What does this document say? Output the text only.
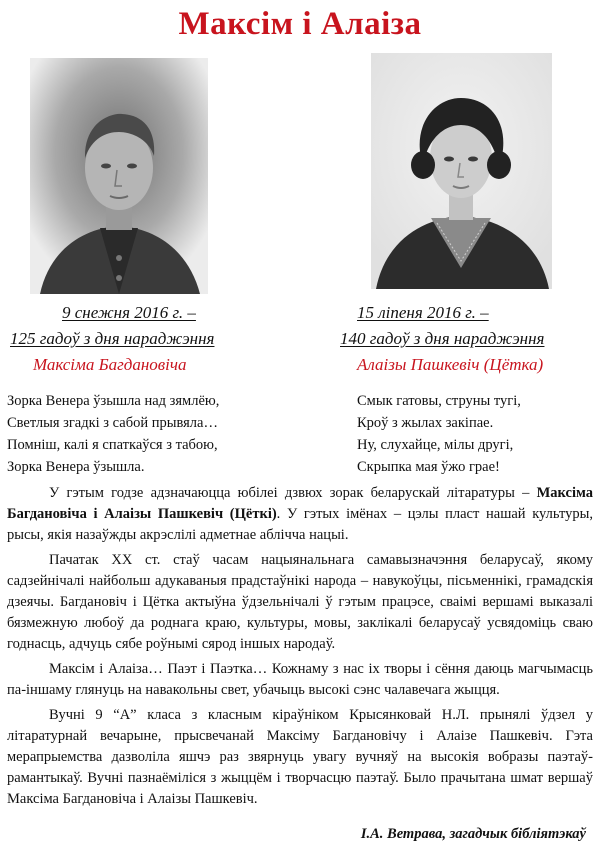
Максім і Алаіза
9 снежня 2016 г. –
125 гадоў з дня нараджэння
Максіма Багдановіча
15 ліпеня 2016 г. –
140 гадоў з дня нараджэння
Алаізы Пашкевіч (Цётка)
Зорка Венера ўзышла над зямлёю,
Светлыя згадкі з сабой прывяла…
Помніш, калі я спаткаўся з табою,
Зорка Венера ўзышла.
Смык гатовы, струны тугі,
Кроў з жылах закіпае.
Ну, слухайце, мілы другі,
Скрыпка мая ўжо грае!

У гэтым годзе адзначаюцца юбілеі дзвюх зорак беларускай літаратуры – Максіма Багдановіча і Алаізы Пашкевіч (Цёткі). У гэтых імёнах – цэлы пласт нашай культуры, рысы, якія назаўжды акрэслілі адметнае аблічча нацыі.

Пачатак XX ст. стаў часам нацыянальнага самавызначэння беларусаў, якому садзейнічалі найбольш адукаваныя прадстаўнікі народа – навукоўцы, пісьменнікі, грамадскія дзеячы. Багдановіч і Цётка актыўна ўдзельнічалі ў гэтым працэсе, сваімі вершамі выказалі бязмежную любоў да роднага краю, культуры, мовы, заклікалі беларусаў усвядоміць сваю годнасць, адчуць сябе роўнымі сярод іншых народаў.

Максім і Алаіза… Паэт і Паэтка… Кожнаму з нас іх творы і сёння даюць магчымасць па-іншаму глянуць на навакольны свет, убачыць высокі сэнс чалавечага жыцця.

Вучні 9 “А” класа з класным кіраўніком Крысянковай Н.Л. прынялі ўдзел у літаратурнай вечарыне, прысвечанай Максіму Багдановічу і Алаізе Пашкевіч. Гэта мерапрыемства дазволіла яшчэ раз звярнуць увагу вучняў на высокія вобразы паэтаў-рамантыкаў. Вучні пазнаёміліся з жыццём і творчасцю паэтаў. Было прачытана шмат вершаў Максіма Багдановіча і Алаізы Пашкевіч.

І.А. Ветрава, загадчык бібліятэкаў
